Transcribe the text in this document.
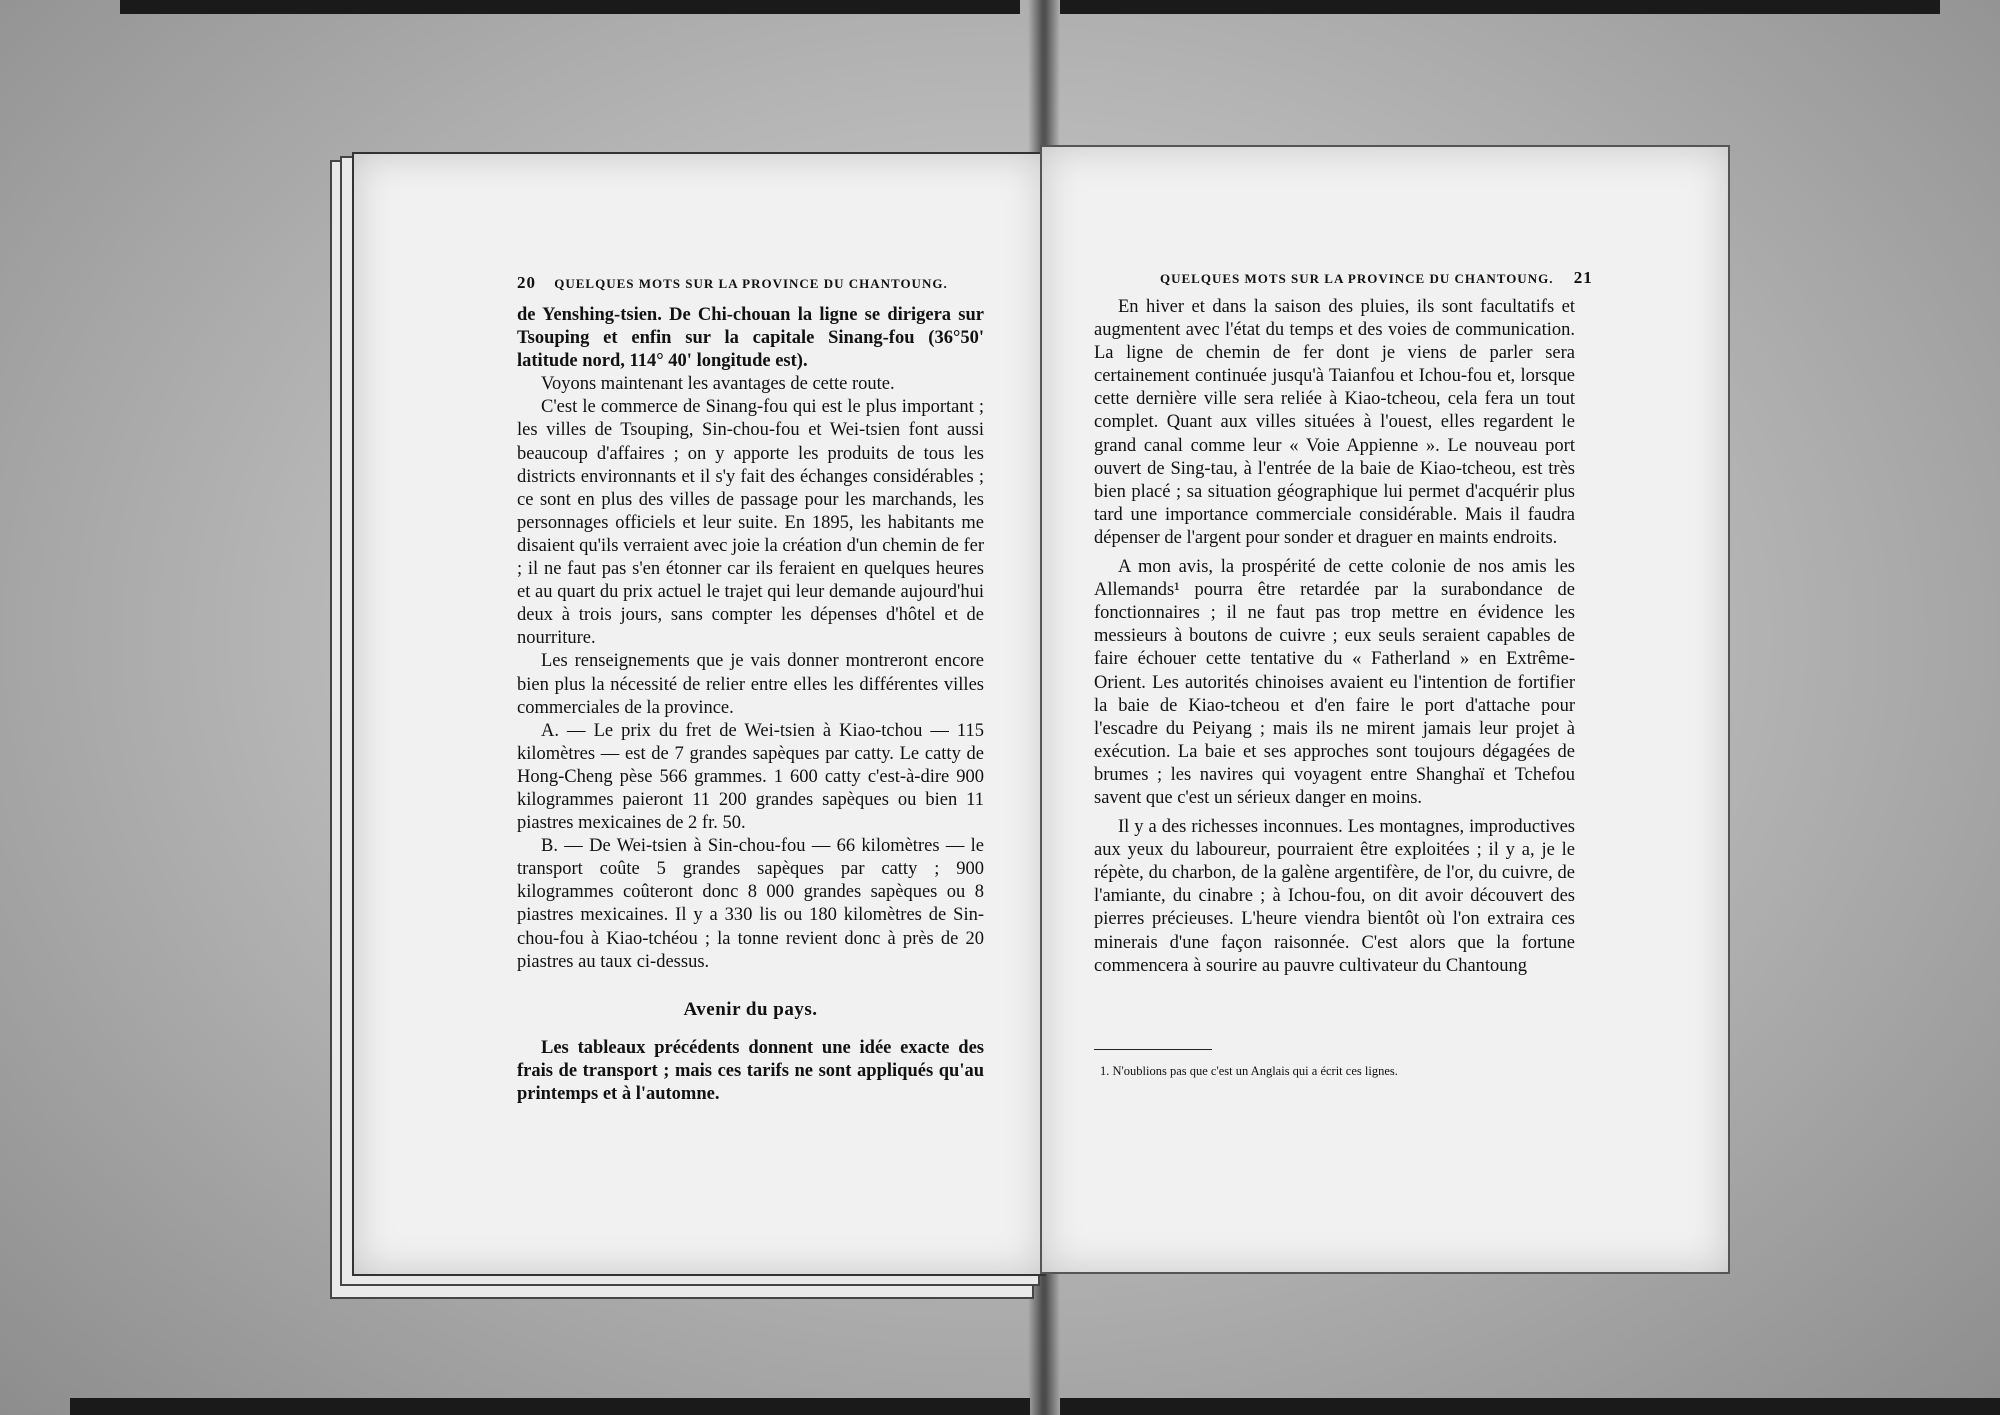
20 QUELQUES MOTS SUR LA PROVINCE DU CHANTOUNG.

de Yenshing-tsien. De Chi-chouan la ligne se dirigera sur Tsouping et enfin sur la capitale Sinang-fou (36°50' latitude nord, 114° 40' longitude est).

Voyons maintenant les avantages de cette route.

C'est le commerce de Sinang-fou qui est le plus important ; les villes de Tsouping, Sin-chou-fou et Wei-tsien font aussi beaucoup d'affaires ; on y apporte les produits de tous les districts environnants et il s'y fait des échanges considérables ; ce sont en plus des villes de passage pour les marchands, les personnages officiels et leur suite. En 1895, les habitants me disaient qu'ils verraient avec joie la création d'un chemin de fer ; il ne faut pas s'en étonner car ils feraient en quelques heures et au quart du prix actuel le trajet qui leur demande aujourd'hui deux à trois jours, sans compter les dépenses d'hôtel et de nourriture.

Les renseignements que je vais donner montreront encore bien plus la nécessité de relier entre elles les différentes villes commerciales de la province.

A. — Le prix du fret de Wei-tsien à Kiao-tchou — 115 kilomètres — est de 7 grandes sapèques par catty. Le catty de Hong-Cheng pèse 566 grammes. 1 600 catty c'est-à-dire 900 kilogrammes paieront 11 200 grandes sapèques ou bien 11 piastres mexicaines de 2 fr. 50.

B. — De Wei-tsien à Sin-chou-fou — 66 kilomètres — le transport coûte 5 grandes sapèques par catty ; 900 kilogrammes coûteront donc 8 000 grandes sapèques ou 8 piastres mexicaines. Il y a 330 lis ou 180 kilomètres de Sin-chou-fou à Kiao-tchéou ; la tonne revient donc à près de 20 piastres au taux ci-dessus.

Avenir du pays.

Les tableaux précédents donnent une idée exacte des frais de transport ; mais ces tarifs ne sont appliqués qu'au printemps et à l'automne.

QUELQUES MOTS SUR LA PROVINCE DU CHANTOUNG. 21

En hiver et dans la saison des pluies, ils sont facultatifs et augmentent avec l'état du temps et des voies de communication. La ligne de chemin de fer dont je viens de parler sera certainement continuée jusqu'à Taianfou et Ichou-fou et, lorsque cette dernière ville sera reliée à Kiao-tcheou, cela fera un tout complet. Quant aux villes situées à l'ouest, elles regardent le grand canal comme leur « Voie Appienne ». Le nouveau port ouvert de Sing-tau, à l'entrée de la baie de Kiao-tcheou, est très bien placé ; sa situation géographique lui permet d'acquérir plus tard une importance commerciale considérable. Mais il faudra dépenser de l'argent pour sonder et draguer en maints endroits.

A mon avis, la prospérité de cette colonie de nos amis les Allemands¹ pourra être retardée par la surabondance de fonctionnaires ; il ne faut pas trop mettre en évidence les messieurs à boutons de cuivre ; eux seuls seraient capables de faire échouer cette tentative du « Fatherland » en Extrême-Orient. Les autorités chinoises avaient eu l'intention de fortifier la baie de Kiao-tcheou et d'en faire le port d'attache pour l'escadre du Peiyang ; mais ils ne mirent jamais leur projet à exécution. La baie et ses approches sont toujours dégagées de brumes ; les navires qui voyagent entre Shanghaï et Tchefou savent que c'est un sérieux danger en moins.

Il y a des richesses inconnues. Les montagnes, improductives aux yeux du laboureur, pourraient être exploitées ; il y a, je le répète, du charbon, de la galène argentifère, de l'or, du cuivre, de l'amiante, du cinabre ; à Ichou-fou, on dit avoir découvert des pierres précieuses. L'heure viendra bientôt où l'on extraira ces minerais d'une façon raisonnée. C'est alors que la fortune commencera à sourire au pauvre cultivateur du Chantoung

1. N'oublions pas que c'est un Anglais qui a écrit ces lignes.
